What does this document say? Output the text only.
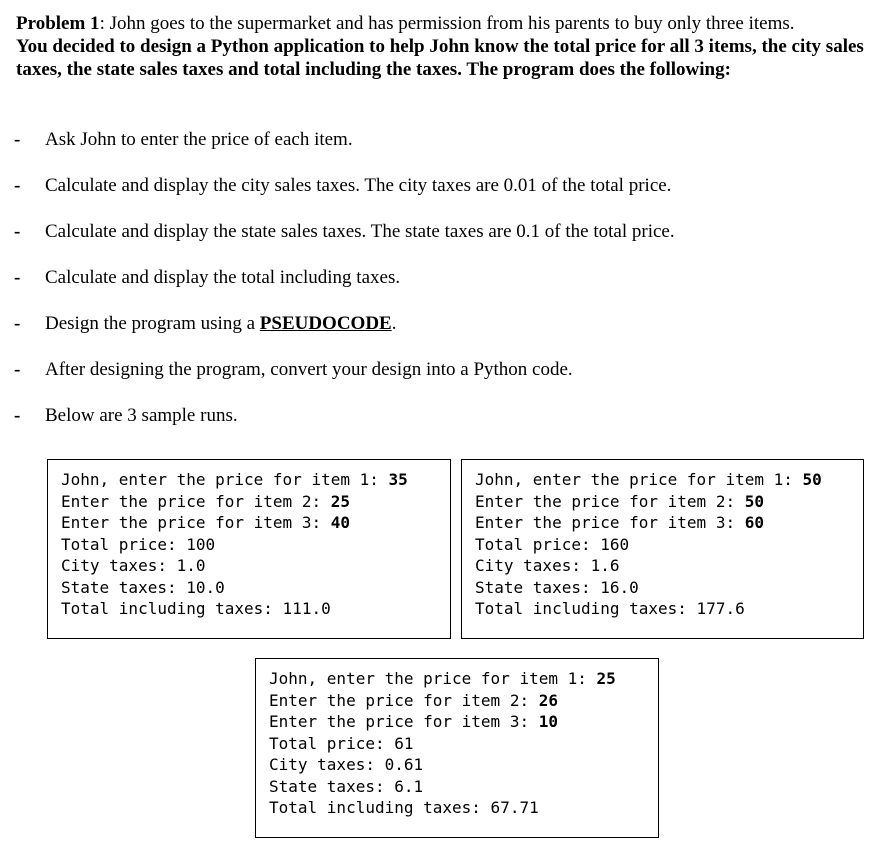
Problem 1: John goes to the supermarket and has permission from his parents to buy only three items.
You decided to design a Python application to help John know the total price for all 3 items, the city sales taxes, the state sales taxes and total including the taxes. The program does the following:

- Ask John to enter the price of each item.
- Calculate and display the city sales taxes. The city taxes are 0.01 of the total price.
- Calculate and display the state sales taxes. The state taxes are 0.1 of the total price.
- Calculate and display the total including taxes.
- Design the program using a PSEUDOCODE.
- After designing the program, convert your design into a Python code.
- Below are 3 sample runs.
John, enter the price for item 1: 35
Enter the price for item 2: 25
Enter the price for item 3: 40
Total price: 100
City taxes: 1.0
State taxes: 10.0
Total including taxes: 111.0
John, enter the price for item 1: 50
Enter the price for item 2: 50
Enter the price for item 3: 60
Total price: 160
City taxes: 1.6
State taxes: 16.0
Total including taxes: 177.6
John, enter the price for item 1: 25
Enter the price for item 2: 26
Enter the price for item 3: 10
Total price: 61
City taxes: 0.61
State taxes: 6.1
Total including taxes: 67.71
